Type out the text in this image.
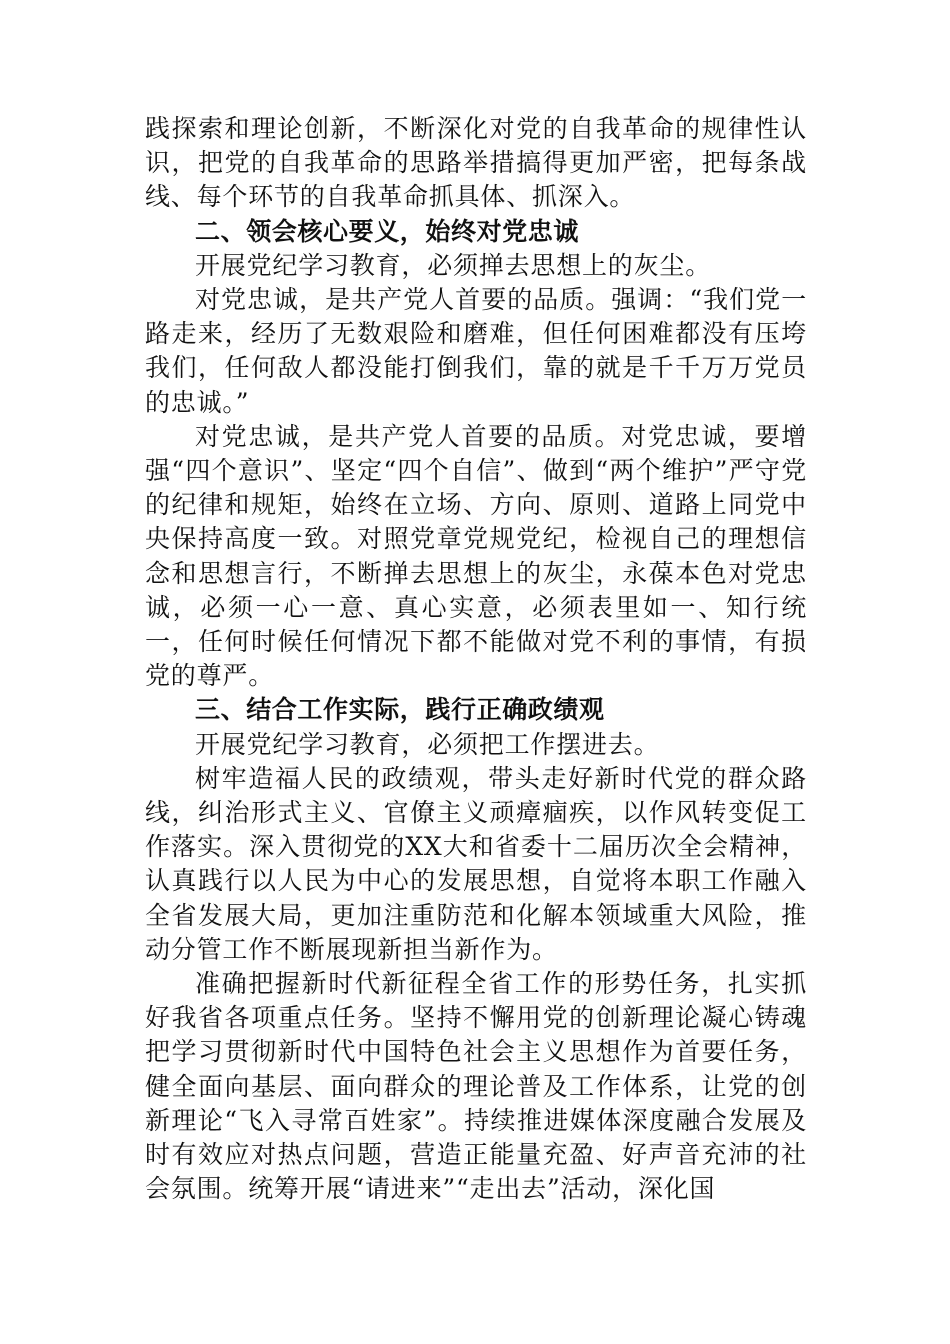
践探索和理论创新，不断深化对党的自我革命的规律性认识，把党的自我革命的思路举措搞得更加严密，把每条战线、每个环节的自我革命抓具体、抓深入。

二、领会核心要义，始终对党忠诚

开展党纪学习教育，必须掸去思想上的灰尘。

对党忠诚，是共产党人首要的品质。强调：“我们党一路走来，经历了无数艰险和磨难，但任何困难都没有压垮我们，任何敌人都没能打倒我们，靠的就是千千万万党员的忠诚。”

对党忠诚，是共产党人首要的品质。对党忠诚，要增强“四个意识”、坚定“四个自信”、做到“两个维护”严守党的纪律和规矩，始终在立场、方向、原则、道路上同党中央保持高度一致。对照党章党规党纪，检视自己的理想信念和思想言行，不断掸去思想上的灰尘，永葆本色对党忠诚，必须一心一意、真心实意，必须表里如一、知行统一，任何时候任何情况下都不能做对党不利的事情，有损党的尊严。

三、结合工作实际，践行正确政绩观

开展党纪学习教育，必须把工作摆进去。

树牢造福人民的政绩观，带头走好新时代党的群众路线，纠治形式主义、官僚主义顽瘴痼疾，以作风转变促工作落实。深入贯彻党的XX大和省委十二届历次全会精神，认真践行以人民为中心的发展思想，自觉将本职工作融入全省发展大局，更加注重防范和化解本领域重大风险，推动分管工作不断展现新担当新作为。

准确把握新时代新征程全省工作的形势任务，扎实抓好我省各项重点任务。坚持不懈用党的创新理论凝心铸魂把学习贯彻新时代中国特色社会主义思想作为首要任务，健全面向基层、面向群众的理论普及工作体系，让党的创新理论“飞入寻常百姓家”。持续推进媒体深度融合发展及时有效应对热点问题，营造正能量充盈、好声音充沛的社会氛围。统筹开展“请进来”“走出去”活动，深化国
